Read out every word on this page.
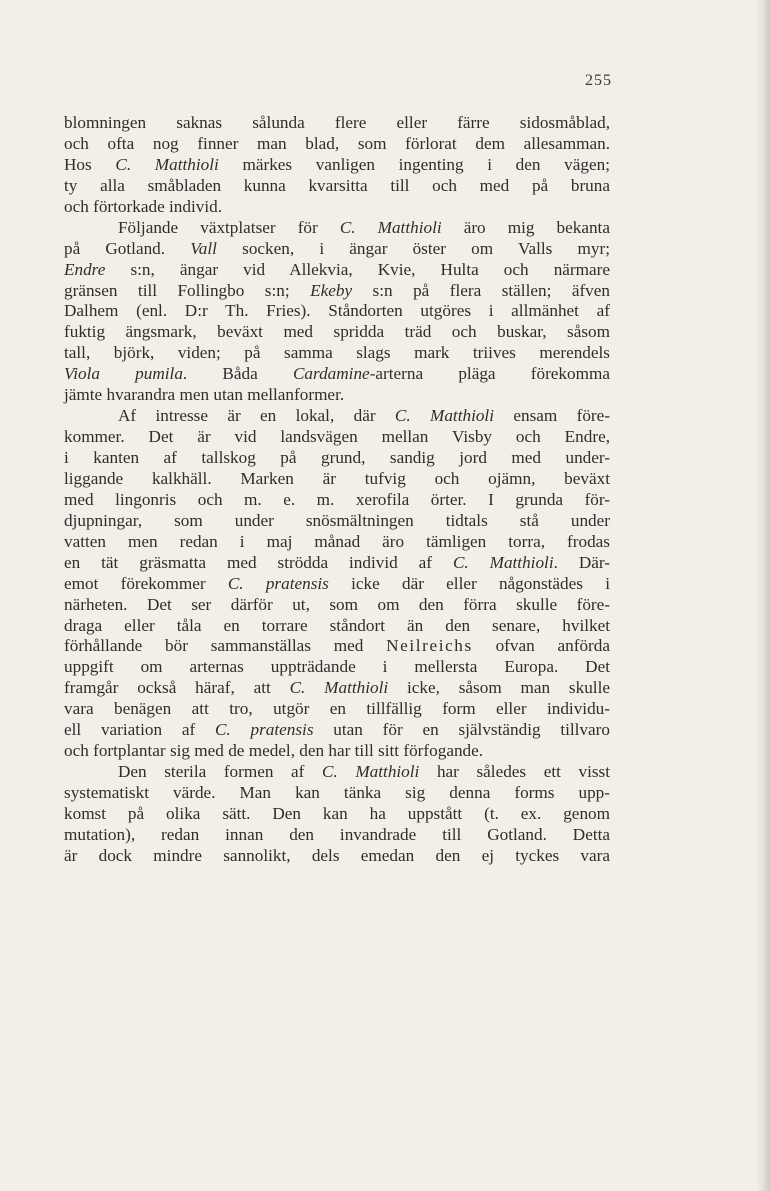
255
blomningen saknas sålunda flere eller färre sidosmåblad,
och ofta nog finner man blad, som förlorat dem allesamman.
Hos C. Matthioli märkes vanligen ingenting i den vägen;
ty alla småbladen kunna kvarsitta till och med på bruna
och förtorkade individ.
Följande växtplatser för C. Matthioli äro mig bekanta
på Gotland. Vall socken, i ängar öster om Valls myr;
Endre s:n, ängar vid Allekvia, Kvie, Hulta och närmare
gränsen till Follingbo s:n; Ekeby s:n på flera ställen; äfven
Dalhem (enl. D:r Th. Fries). Ståndorten utgöres i allmänhet af
fuktig ängsmark, beväxt med spridda träd och buskar, såsom
tall, björk, viden; på samma slags mark triives merendels
Viola pumila. Båda Cardamine-arterna pläga förekomma
jämte hvarandra men utan mellanformer.
Af intresse är en lokal, där C. Matthioli ensam före-
kommer. Det är vid landsvägen mellan Visby och Endre,
i kanten af tallskog på grund, sandig jord med under-
liggande kalkhäll. Marken är tufvig och ojämn, beväxt
med lingonris och m. e. m. xerofila örter. I grunda för-
djupningar, som under snösmältningen tidtals stå under
vatten men redan i maj månad äro tämligen torra, frodas
en tät gräsmatta med strödda individ af C. Matthioli. Där-
emot förekommer C. pratensis icke där eller någonstädes i
närheten. Det ser därför ut, som om den förra skulle före-
draga eller tåla en torrare ståndort än den senare, hvilket
förhållande bör sammanställas med Neilreichs ofvan anförda
uppgift om arternas uppträdande i mellersta Europa. Det
framgår också häraf, att C. Matthioli icke, såsom man skulle
vara benägen att tro, utgör en tillfällig form eller individu-
ell variation af C. pratensis utan för en självständig tillvaro
och fortplantar sig med de medel, den har till sitt förfogande.
Den sterila formen af C. Matthioli har således ett visst
systematiskt värde. Man kan tänka sig denna forms upp-
komst på olika sätt. Den kan ha uppstått (t. ex. genom
mutation), redan innan den invandrade till Gotland. Detta
är dock mindre sannolikt, dels emedan den ej tyckes vara
